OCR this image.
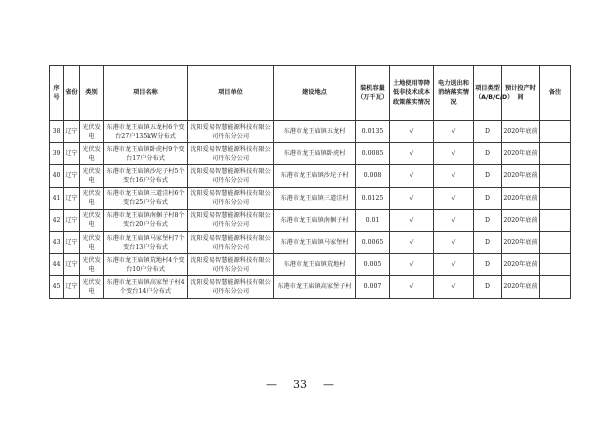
序号	省份	类别	项目名称	项目单位	建设地点	装机容量（万千瓦）	土地使用等降低非技术成本政策落实情况	电力送出和消纳落实情况	项目类型（A/B/C/D）	预计投产时间	备注
38	辽宁	光伏发电	东港市龙王庙镇五龙村6个变台27户135kW分布式	沈阳爱易智慧能源科技有限公司丹东分公司	东港市龙王庙镇五龙村	0.0135	√	√	D	2020年底前	
39	辽宁	光伏发电	东港市龙王庙镇卧虎村9个变台17户分布式	沈阳爱易智慧能源科技有限公司丹东分公司	东港市龙王庙镇卧虎村	0.0085	√	√	D	2020年底前	
40	辽宁	光伏发电	东港市龙王庙镇沙坨子村5个变台16户分布式	沈阳爱易智慧能源科技有限公司丹东分公司	东港市龙王庙镇沙坨子村	0.008	√	√	D	2020年底前	
41	辽宁	光伏发电	东港市龙王庙镇三道洼村6个变台25户分布式	沈阳爱易智慧能源科技有限公司丹东分公司	东港市龙王庙镇三道洼村	0.0125	√	√	D	2020年底前	
42	辽宁	光伏发电	东港市龙王庙镇南捆子村8个变台20户分布式	沈阳爱易智慧能源科技有限公司丹东分公司	东港市龙王庙镇南捆子村	0.01	√	√	D	2020年底前	
43	辽宁	光伏发电	东港市龙王庙镇马家堡村7个变台13户分布式	沈阳爱易智慧能源科技有限公司丹东分公司	东港市龙王庙镇马家堡村	0.0065	√	√	D	2020年底前	
44	辽宁	光伏发电	东港市龙王庙镇荒地村4个变台10户分布式	沈阳爱易智慧能源科技有限公司丹东分公司	东港市龙王庙镇荒地村	0.005	√	√	D	2020年底前	
45	辽宁	光伏发电	东港市龙王庙镇高家堡子村4个变台14户分布式	沈阳爱易智慧能源科技有限公司丹东分公司	东港市龙王庙镇高家堡子村	0.007	√	√	D	2020年底前	
— 33 —
